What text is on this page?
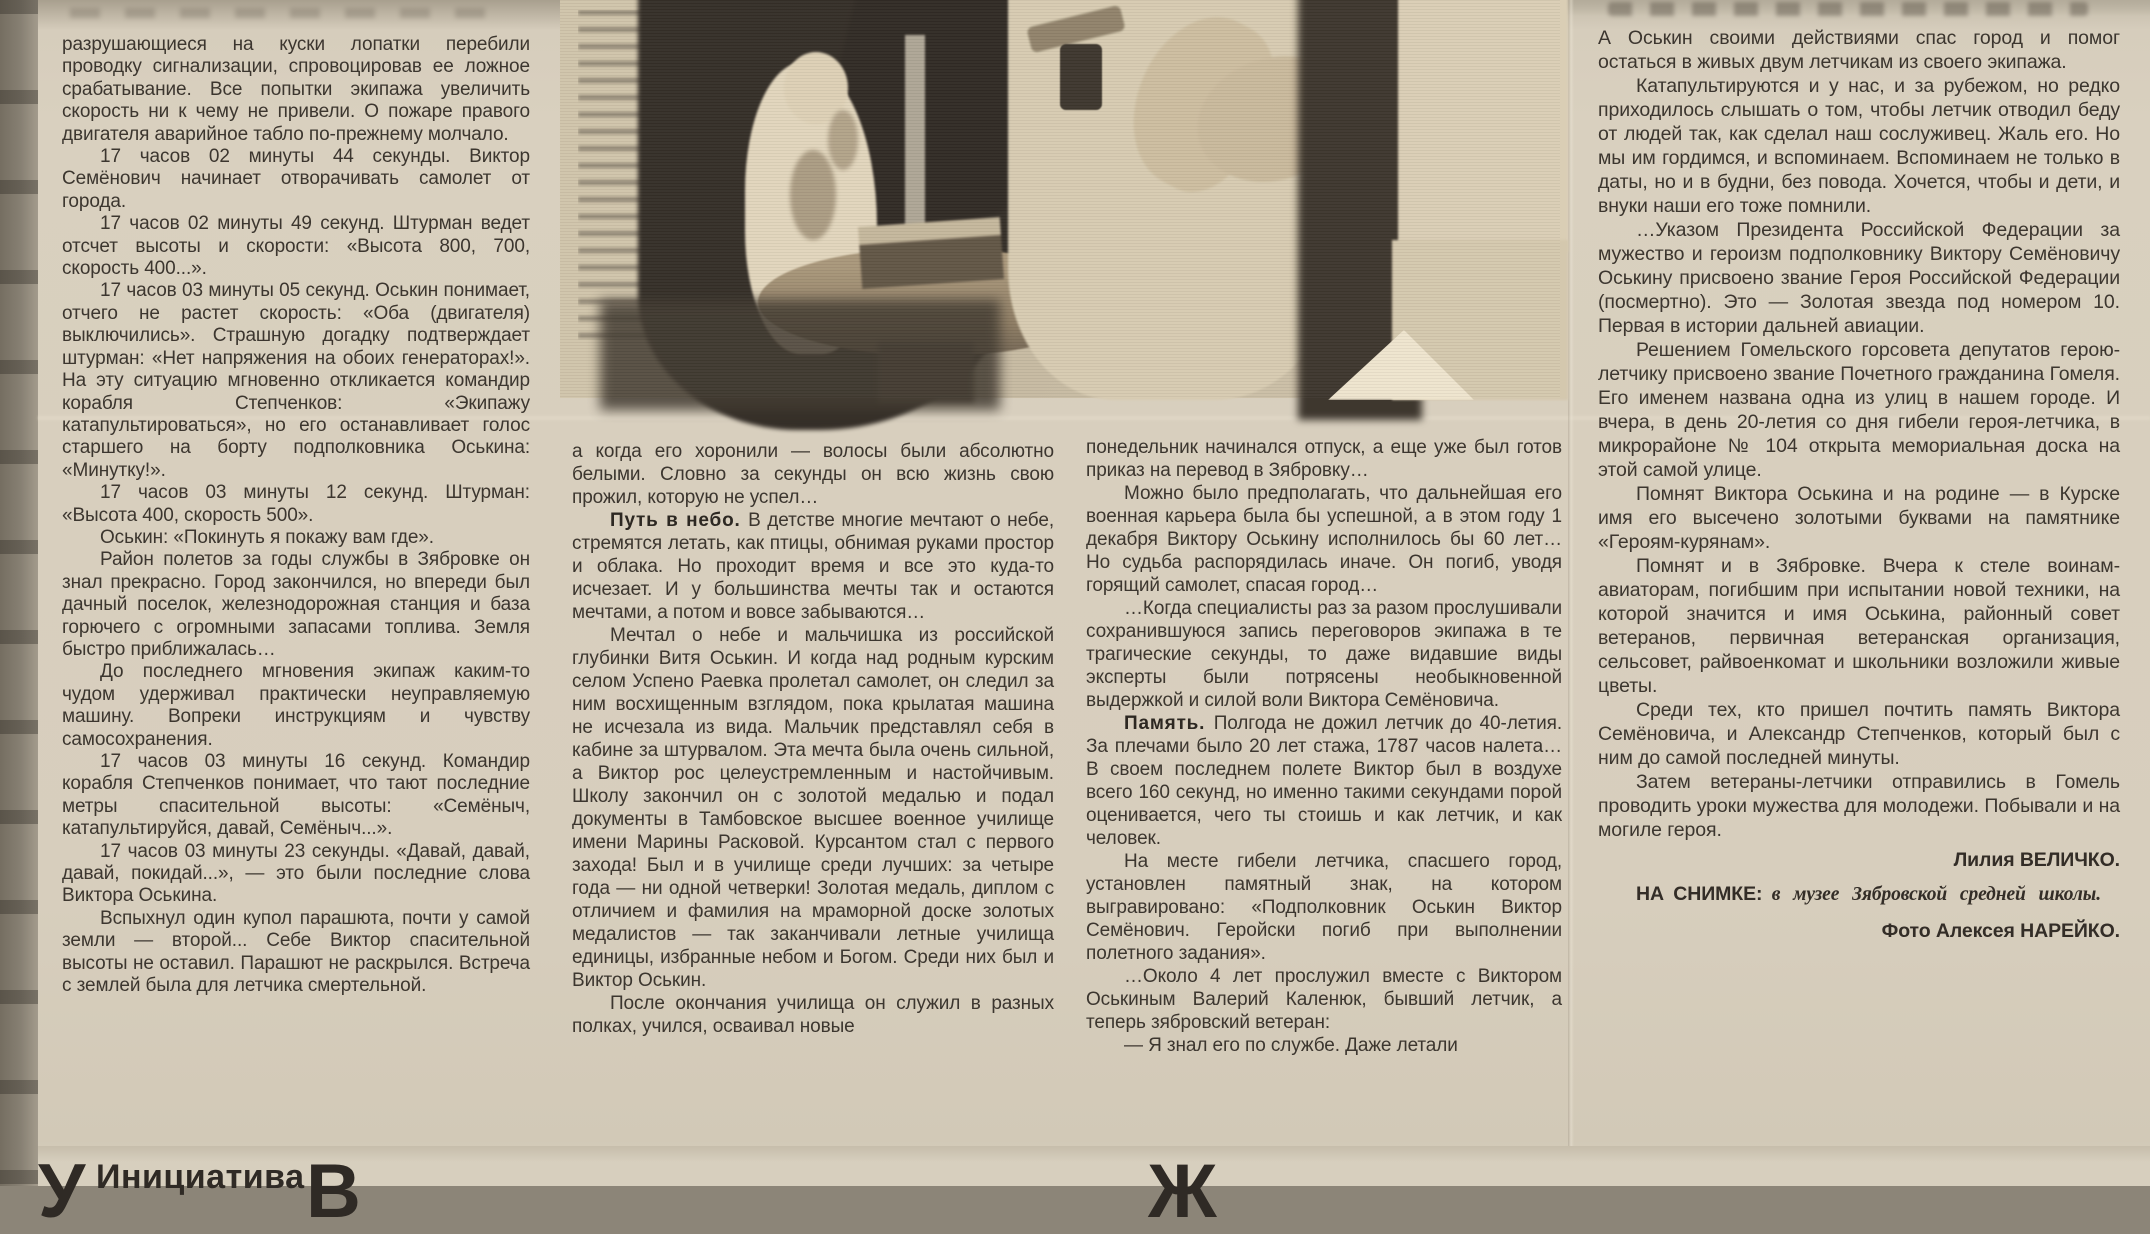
разрушающиеся на куски лопатки перебили проводку сигнализации, спровоцировав ее ложное срабатывание. Все попытки экипажа увеличить скорость ни к чему не привели. О пожаре правого двигателя аварийное табло по-прежнему молчало.

17 часов 02 минуты 44 секунды. Виктор Семёнович начинает отворачивать самолет от города.

17 часов 02 минуты 49 секунд. Штурман ведет отсчет высоты и скорости: «Высота 800, 700, скорость 400...».

17 часов 03 минуты 05 секунд. Оськин понимает, отчего не растет скорость: «Оба (двигателя) выключились». Страшную догадку подтверждает штурман: «Нет напряжения на обоих генераторах!». На эту ситуацию мгновенно откликается командир корабля Степченков: «Экипажу катапультироваться», но его останавливает голос старшего на борту подполковника Оськина: «Минутку!».

17 часов 03 минуты 12 секунд. Штурман: «Высота 400, скорость 500».

Оськин: «Покинуть я покажу вам где».

Район полетов за годы службы в Зябровке он знал прекрасно. Город закончился, но впереди был дачный поселок, железнодорожная станция и база горючего с огромными запасами топлива. Земля быстро приближалась…

До последнего мгновения экипаж каким-то чудом удерживал практически неуправляемую машину. Вопреки инструкциям и чувству самосохранения.

17 часов 03 минуты 16 секунд. Командир корабля Степченков понимает, что тают последние метры спасительной высоты: «Семёныч, катапультируйся, давай, Семёныч...».

17 часов 03 минуты 23 секунды. «Давай, давай, давай, покидай...», — это были последние слова Виктора Оськина.

Вспыхнул один купол парашюта, почти у самой земли — второй... Себе Виктор спасительной высоты не оставил. Парашют не раскрылся. Встреча с землей была для летчика смертельной.

а когда его хоронили — волосы были абсолютно белыми. Словно за секунды он всю жизнь свою прожил, которую не успел…

Путь в небо. В детстве многие мечтают о небе, стремятся летать, как птицы, обнимая руками простор и облака. Но проходит время и все это куда-то исчезает. И у большинства мечты так и остаются мечтами, а потом и вовсе забываются…

Мечтал о небе и мальчишка из российской глубинки Витя Оськин. И когда над родным курским селом Успено Раевка пролетал самолет, он следил за ним восхищенным взглядом, пока крылатая машина не исчезала из вида. Мальчик представлял себя в кабине за штурвалом. Эта мечта была очень сильной, а Виктор рос целеустремленным и настойчивым. Школу закончил он с золотой медалью и подал документы в Тамбовское высшее военное училище имени Марины Расковой. Курсантом стал с первого захода! Был и в училище среди лучших: за четыре года — ни одной четверки! Золотая медаль, диплом с отличием и фамилия на мраморной доске золотых медалистов — так заканчивали летные училища единицы, избранные небом и Богом. Среди них был и Виктор Оськин.

После окончания училища он служил в разных полках, учился, осваивал новые

понедельник начинался отпуск, а еще уже был готов приказ на перевод в Зябровку…

Можно было предполагать, что дальнейшая его военная карьера была бы успешной, а в этом году 1 декабря Виктору Оськину исполнилось бы 60 лет… Но судьба распорядилась иначе. Он погиб, уводя горящий самолет, спасая город…

…Когда специалисты раз за разом прослушивали сохранившуюся запись переговоров экипажа в те трагические секунды, то даже видавшие виды эксперты были потрясены необыкновенной выдержкой и силой воли Виктора Семёновича.

Память. Полгода не дожил летчик до 40-летия. За плечами было 20 лет стажа, 1787 часов налета… В своем последнем полете Виктор был в воздухе всего 160 секунд, но именно такими секундами порой оценивается, чего ты стоишь и как летчик, и как человек.

На месте гибели летчика, спасшего город, установлен памятный знак, на котором выгравировано: «Подполковник Оськин Виктор Семёнович. Геройски погиб при выполнении полетного задания».

…Около 4 лет прослужил вместе с Виктором Оськиным Валерий Каленюк, бывший летчик, а теперь зябровский ветеран:

— Я знал его по службе. Даже летали

А Оськин своими действиями спас город и помог остаться в живых двум летчикам из своего экипажа.

Катапультируются и у нас, и за рубежом, но редко приходилось слышать о том, чтобы летчик отводил беду от людей так, как сделал наш сослуживец. Жаль его. Но мы им гордимся, и вспоминаем. Вспоминаем не только в даты, но и в будни, без повода. Хочется, чтобы и дети, и внуки наши его тоже помнили.

…Указом Президента Российской Федерации за мужество и героизм подполковнику Виктору Семёновичу Оськину присвоено звание Героя Российской Федерации (посмертно). Это — Золотая звезда под номером 10. Первая в истории дальней авиации.

Решением Гомельского горсовета депутатов герою-летчику присвоено звание Почетного гражданина Гомеля. Его именем названа одна из улиц в нашем городе. И вчера, в день 20-летия со дня гибели героя-летчика, в микрорайоне № 104 открыта мемориальная доска на этой самой улице.

Помнят Виктора Оськина и на родине — в Курске имя его высечено золотыми буквами на памятнике «Героям-курянам».

Помнят и в Зябровке. Вчера к стеле воинам-авиаторам, погибшим при испытании новой техники, на которой значится и имя Оськина, районный совет ветеранов, первичная ветеранская организация, сельсовет, райвоенкомат и школьники возложили живые цветы.

Среди тех, кто пришел почтить память Виктора Семёновича, и Александр Степченков, который был с ним до самой последней минуты.

Затем ветераны-летчики отправились в Гомель проводить уроки мужества для молодежи. Побывали и на могиле героя.

Лилия ВЕЛИЧКО.

НА СНИМКЕ: в музее Зябровской средней школы.

Фото Алексея НАРЕЙКО.

Инициатива
У	В	Ж
